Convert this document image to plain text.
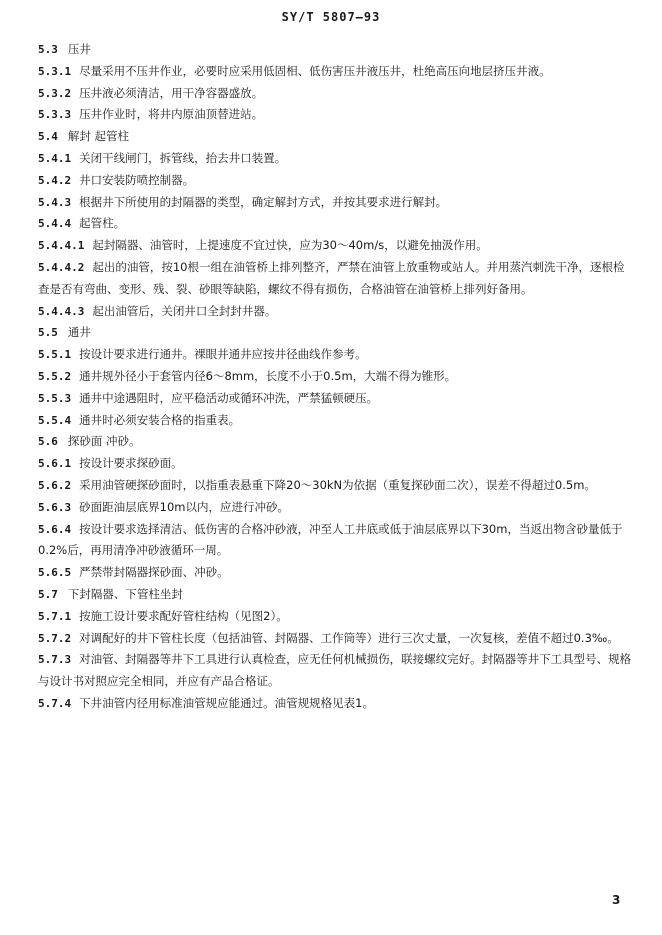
SY/T 5807—93

5.3 压井

5.3.1 尽量采用不压井作业，必要时应采用低固相、低伤害压井液压井，杜绝高压向地层挤压井液。

5.3.2 压井液必须清洁，用干净容器盛放。

5.3.3 压井作业时，将井内原油顶替进站。

5.4 解封 起管柱

5.4.1 关闭干线闸门，拆管线，抬去井口装置。

5.4.2 井口安装防喷控制器。

5.4.3 根据井下所使用的封隔器的类型，确定解封方式，并按其要求进行解封。

5.4.4 起管柱。

5.4.4.1 起封隔器、油管时，上提速度不宜过快，应为30～40m/s，以避免抽汲作用。

5.4.4.2 起出的油管，按10根一组在油管桥上排列整齐，严禁在油管上放重物或站人。并用蒸汽刺洗干净，逐根检查是否有弯曲、变形、残、裂、砂眼等缺陷，螺纹不得有损伤，合格油管在油管桥上排列好备用。

5.4.4.3 起出油管后，关闭井口全封封井器。

5.5 通井

5.5.1 按设计要求进行通井。裸眼井通井应按井径曲线作参考。

5.5.2 通井规外径小于套管内径6～8mm，长度不小于0.5m，大端不得为锥形。

5.5.3 通井中途遇阻时，应平稳活动或循环冲洗，严禁猛顿硬压。

5.5.4 通井时必须安装合格的指重表。

5.6 探砂面 冲砂。

5.6.1 按设计要求探砂面。

5.6.2 采用油管硬探砂面时，以指重表悬重下降20～30kN为依据（重复探砂面二次），误差不得超过0.5m。

5.6.3 砂面距油层底界10m以内，应进行冲砂。

5.6.4 按设计要求选择清洁、低伤害的合格冲砂液，冲至人工井底或低于油层底界以下30m，当返出物含砂量低于0.2%后，再用清净冲砂液循环一周。

5.6.5 严禁带封隔器探砂面、冲砂。

5.7 下封隔器、下管柱坐封

5.7.1 按施工设计要求配好管柱结构（见图2）。

5.7.2 对调配好的井下管柱长度（包括油管、封隔器、工作筒等）进行三次丈量，一次复核，差值不超过0.3‰。

5.7.3 对油管、封隔器等井下工具进行认真检查，应无任何机械损伤，联接螺纹完好。封隔器等井下工具型号、规格与设计书对照应完全相同，并应有产品合格证。

5.7.4 下井油管内径用标准油管规应能通过。油管规规格见表1。

3
